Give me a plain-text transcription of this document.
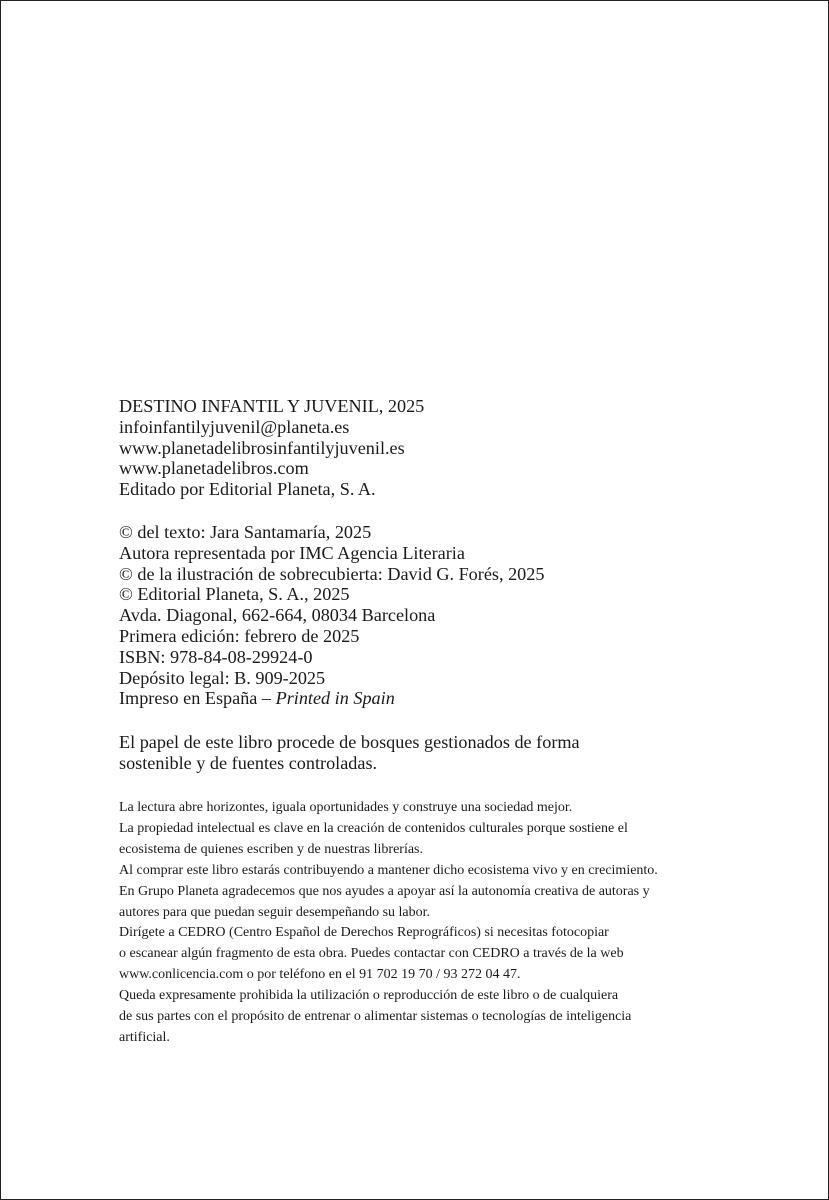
DESTINO INFANTIL Y JUVENIL, 2025
infoinfantilyjuvenil@planeta.es
www.planetadelibrosinfantilyjuvenil.es
www.planetadelibros.com
Editado por Editorial Planeta, S. A.
© del texto: Jara Santamaría, 2025
Autora representada por IMC Agencia Literaria
© de la ilustración de sobrecubierta: David G. Forés, 2025
© Editorial Planeta, S. A., 2025
Avda. Diagonal, 662-664, 08034 Barcelona
Primera edición: febrero de 2025
ISBN: 978-84-08-29924-0
Depósito legal: B. 909-2025
Impreso en España – Printed in Spain
El papel de este libro procede de bosques gestionados de forma
sostenible y de fuentes controladas.
La lectura abre horizontes, iguala oportunidades y construye una sociedad mejor.
La propiedad intelectual es clave en la creación de contenidos culturales porque sostiene el
ecosistema de quienes escriben y de nuestras librerías.
Al comprar este libro estarás contribuyendo a mantener dicho ecosistema vivo y en crecimiento.
En Grupo Planeta agradecemos que nos ayudes a apoyar así la autonomía creativa de autoras y
autores para que puedan seguir desempeñando su labor.
Dirígete a CEDRO (Centro Español de Derechos Reprográficos) si necesitas fotocopiar
o escanear algún fragmento de esta obra. Puedes contactar con CEDRO a través de la web
www.conlicencia.com o por teléfono en el 91 702 19 70 / 93 272 04 47.
Queda expresamente prohibida la utilización o reproducción de este libro o de cualquiera
de sus partes con el propósito de entrenar o alimentar sistemas o tecnologías de inteligencia
artificial.
